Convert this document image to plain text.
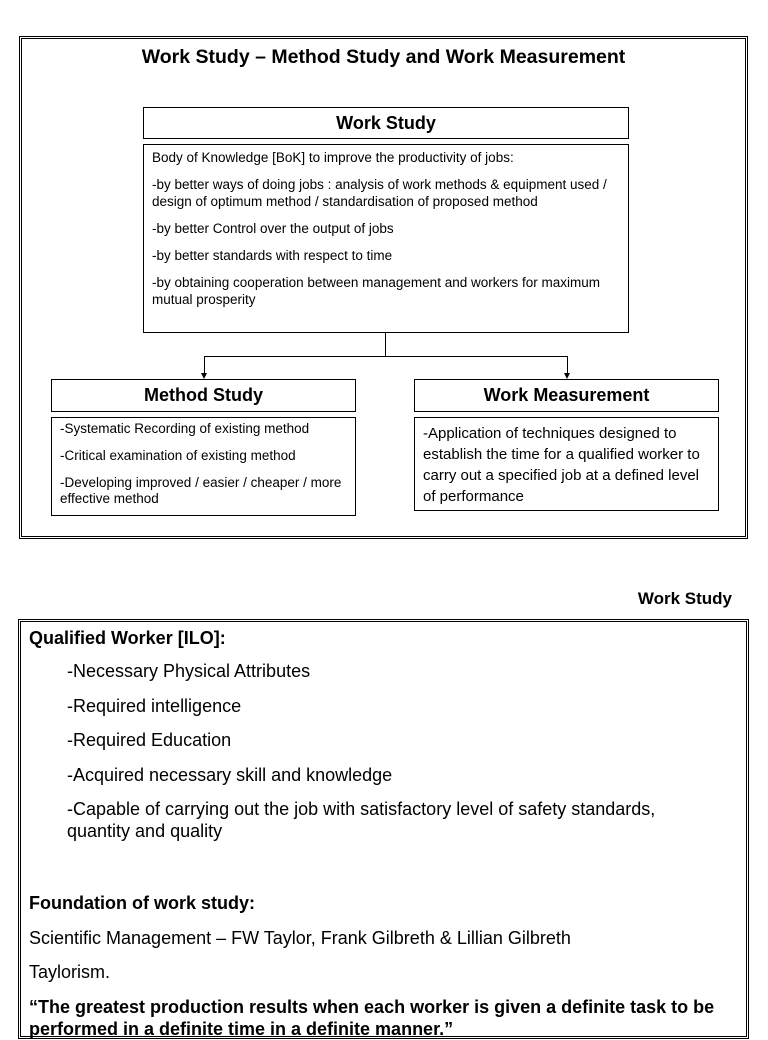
Work Study – Method Study and Work Measurement
Work Study

Body of Knowledge [BoK] to improve the productivity of jobs:

-by better ways of doing jobs : analysis of work methods & equipment used / design of optimum method / standardisation of proposed method

-by better Control over the output of jobs

-by better standards with respect to time

-by obtaining cooperation between management and workers for maximum mutual prosperity

Method Study

-Systematic Recording of existing method

-Critical examination of existing method

-Developing improved / easier / cheaper / more effective method

Work Measurement
-Application of techniques designed to establish the time for a qualified worker to carry out a specified job at a defined level of performance
Work Study
Qualified Worker [ILO]:

-Necessary Physical Attributes

-Required intelligence

-Required Education

-Acquired necessary skill and knowledge

-Capable of carrying out the job with satisfactory level of safety standards, quantity and quality

Foundation of work study:
Scientific Management – FW Taylor, Frank Gilbreth & Lillian Gilbreth
Taylorism.
“The greatest production results when each worker is given a definite task to be performed in a definite time in a definite manner.”
